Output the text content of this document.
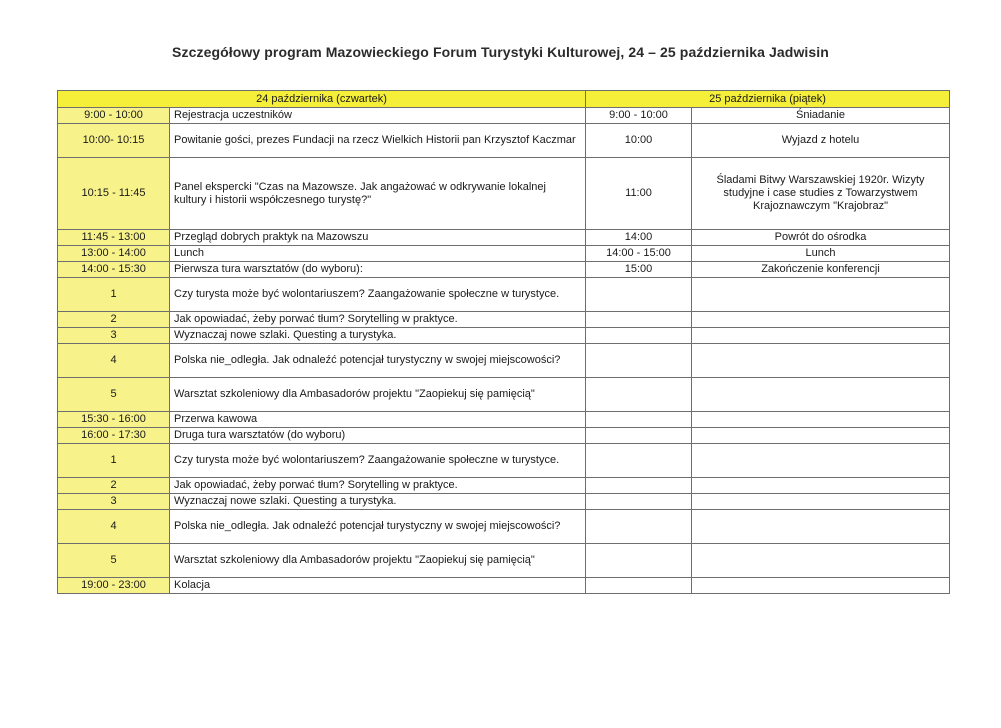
Szczegółowy program Mazowieckiego Forum Turystyki Kulturowej, 24 – 25 października Jadwisin
24 października (czwartek)		25 października (piątek)	
9:00 - 10:00	Rejestracja uczestników	9:00 - 10:00	Śniadanie
10:00- 10:15	Powitanie gości, prezes Fundacji na rzecz Wielkich Historii pan Krzysztof Kaczmar	10:00	Wyjazd z hotelu
10:15 - 11:45	Panel ekspercki "Czas na Mazowsze. Jak angażować w odkrywanie lokalnej kultury i historii współczesnego turystę?"	11:00	Śladami Bitwy Warszawskiej 1920r. Wizyty studyjne i case studies z Towarzystwem Krajoznawczym "Krajobraz"
11:45 - 13:00	Przegląd dobrych praktyk na Mazowszu	14:00	Powrót do ośrodka
13:00 - 14:00	Lunch	14:00 - 15:00	Lunch
14:00 - 15:30	Pierwsza tura warsztatów (do wyboru):	15:00	Zakończenie konferencji
1	Czy turysta może być wolontariuszem? Zaangażowanie społeczne w turystyce.		
2	Jak opowiadać, żeby porwać tłum? Sorytelling w praktyce.		
3	Wyznaczaj nowe szlaki. Questing a turystyka.		
4	Polska nie_odległa. Jak odnaleźć potencjał turystyczny w swojej miejscowości?		
5	Warsztat szkoleniowy dla Ambasadorów projektu "Zaopiekuj się pamięcią"		
15:30 - 16:00	Przerwa kawowa		
16:00 - 17:30	Druga tura warsztatów (do wyboru)		
1	Czy turysta może być wolontariuszem? Zaangażowanie społeczne w turystyce.		
2	Jak opowiadać, żeby porwać tłum? Sorytelling w praktyce.		
3	Wyznaczaj nowe szlaki. Questing a turystyka.		
4	Polska nie_odległa. Jak odnaleźć potencjał turystyczny w swojej miejscowości?		
5	Warsztat szkoleniowy dla Ambasadorów projektu "Zaopiekuj się pamięcią"		
19:00 - 23:00	Kolacja		
